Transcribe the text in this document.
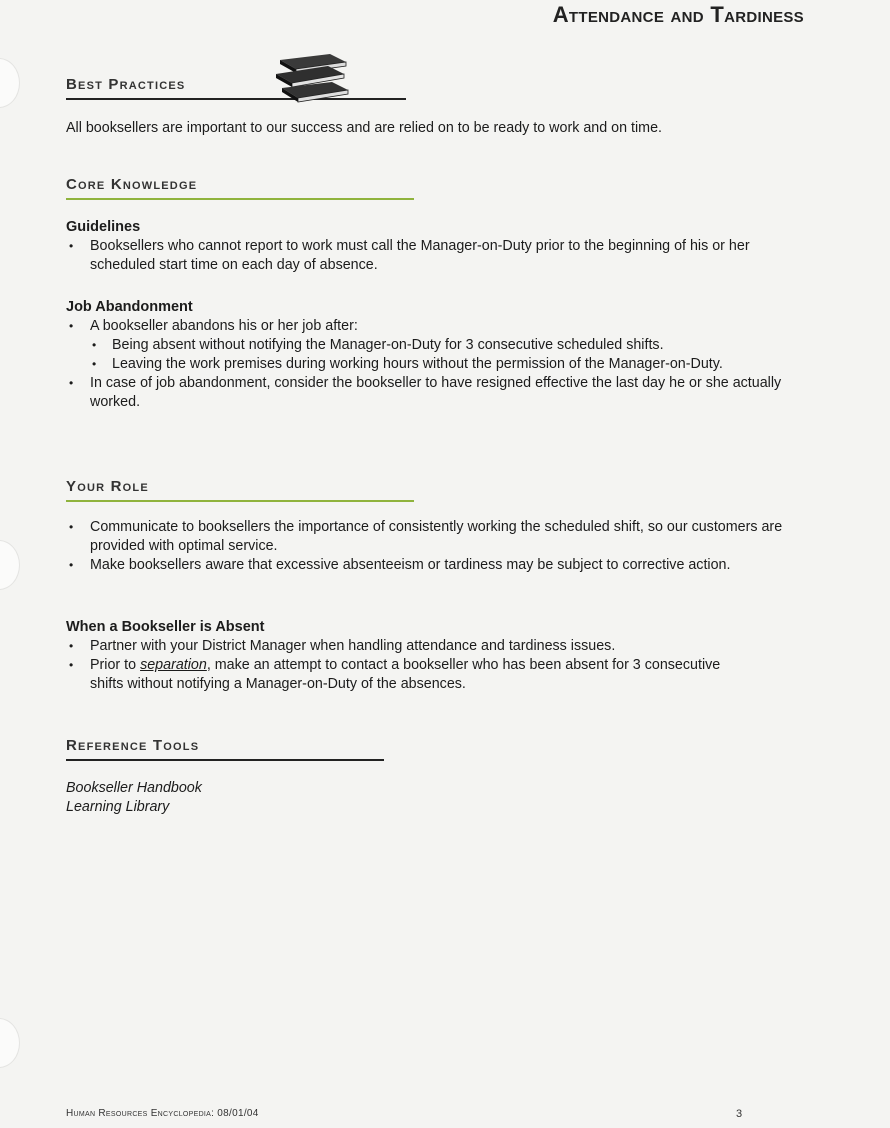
Attendance and Tardiness
Best Practices
All booksellers are important to our success and are relied on to be ready to work and on time.
Core Knowledge

Guidelines

• Booksellers who cannot report to work must call the Manager-on-Duty prior to the beginning of his or her scheduled start time on each day of absence.

Job Abandonment

• A bookseller abandons his or her job after:
• Being absent without notifying the Manager-on-Duty for 3 consecutive scheduled shifts.
• Leaving the work premises during working hours without the permission of the Manager-on-Duty.
• In case of job abandonment, consider the bookseller to have resigned effective the last day he or she actually worked.
Your Role
• Communicate to booksellers the importance of consistently working the scheduled shift, so our customers are provided with optimal service.
• Make booksellers aware that excessive absenteeism or tardiness may be subject to corrective action.

When a Bookseller is Absent

• Partner with your District Manager when handling attendance and tardiness issues.
• Prior to separation, make an attempt to contact a bookseller who has been absent for 3 consecutive shifts without notifying a Manager-on-Duty of the absences.
Reference Tools
Bookseller Handbook
Learning Library
Human Resources Encyclopedia: 08/01/04	3
